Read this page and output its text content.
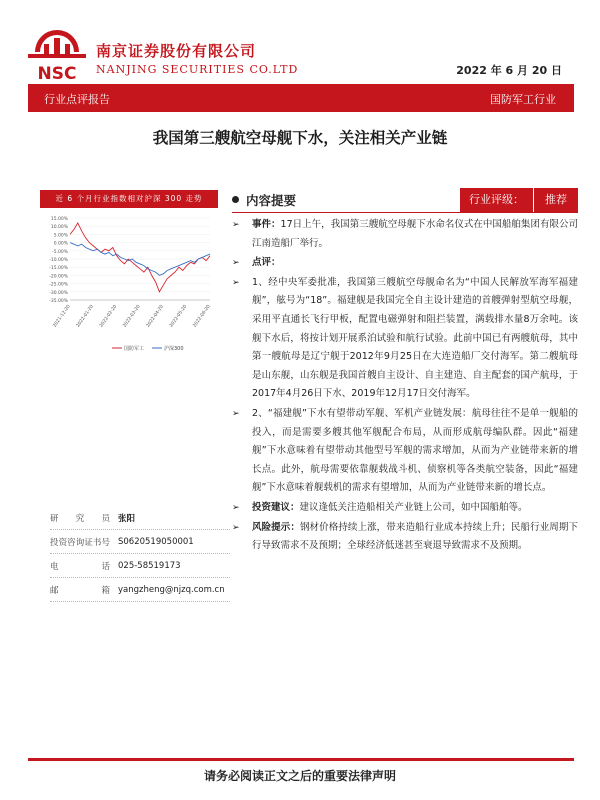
NSC
南京证券股份有限公司
NANJING SECURITIES CO.LTD	2022 年 6 月 20 日
行业点评报告	国防军工行业
我国第三艘航空母舰下水，关注相关产业链
近 6 个月行业指数相对沪深 300 走势
15.00%
10.00%
5.00%
0.00%
-5.00%
-10.00%
-15.00%
-20.00%
-25.00%
-30.00%
-35.00%
2021-12-20 2022-01-20 2022-02-20 2022-03-20 2022-04-20 2022-05-20 2022-06-20
国防军工	沪深300
研 究 员 张阳
投资咨询证书号 S0620519050001
电 话 025-58519173
邮 箱 yangzheng@njzq.com.cn
内容提要	行业评级：	推荐
➢ 事件：17日上午，我国第三艘航空母舰下水命名仪式在中国船舶集团有限公司江南造船厂举行。
➢ 点评：
➢ 1、经中央军委批准，我国第三艘航空母舰命名为“中国人民解放军海军福建舰”，舷号为“18”。福建舰是我国完全自主设计建造的首艘弹射型航空母舰，采用平直通长飞行甲板，配置电磁弹射和阻拦装置，满载排水量8万余吨。该舰下水后，将按计划开展系泊试验和航行试验。此前中国已有两艘航母，其中第一艘航母是辽宁舰于2012年9月25日在大连造船厂交付海军。第二艘航母是山东舰，山东舰是我国首艘自主设计、自主建造、自主配套的国产航母，于2017年4月26日下水、2019年12月17日交付海军。
➢ 2、“福建舰”下水有望带动军舰、军机产业链发展：航母往往不是单一舰船的投入，而是需要多艘其他军舰配合布局，从而形成航母编队群。因此“福建舰”下水意味着有望带动其他型号军舰的需求增加，从而为产业链带来新的增长点。此外，航母需要依靠舰载战斗机、侦察机等各类航空装备，因此“福建舰”下水意味着舰载机的需求有望增加，从而为产业链带来新的增长点。
➢ 投资建议：建议逢低关注造船相关产业链上公司，如中国船舶等。
➢ 风险提示：钢材价格持续上涨，带来造船行业成本持续上升；民船行业周期下行导致需求不及预期；全球经济低迷甚至衰退导致需求不及预期。
请务必阅读正文之后的重要法律声明
